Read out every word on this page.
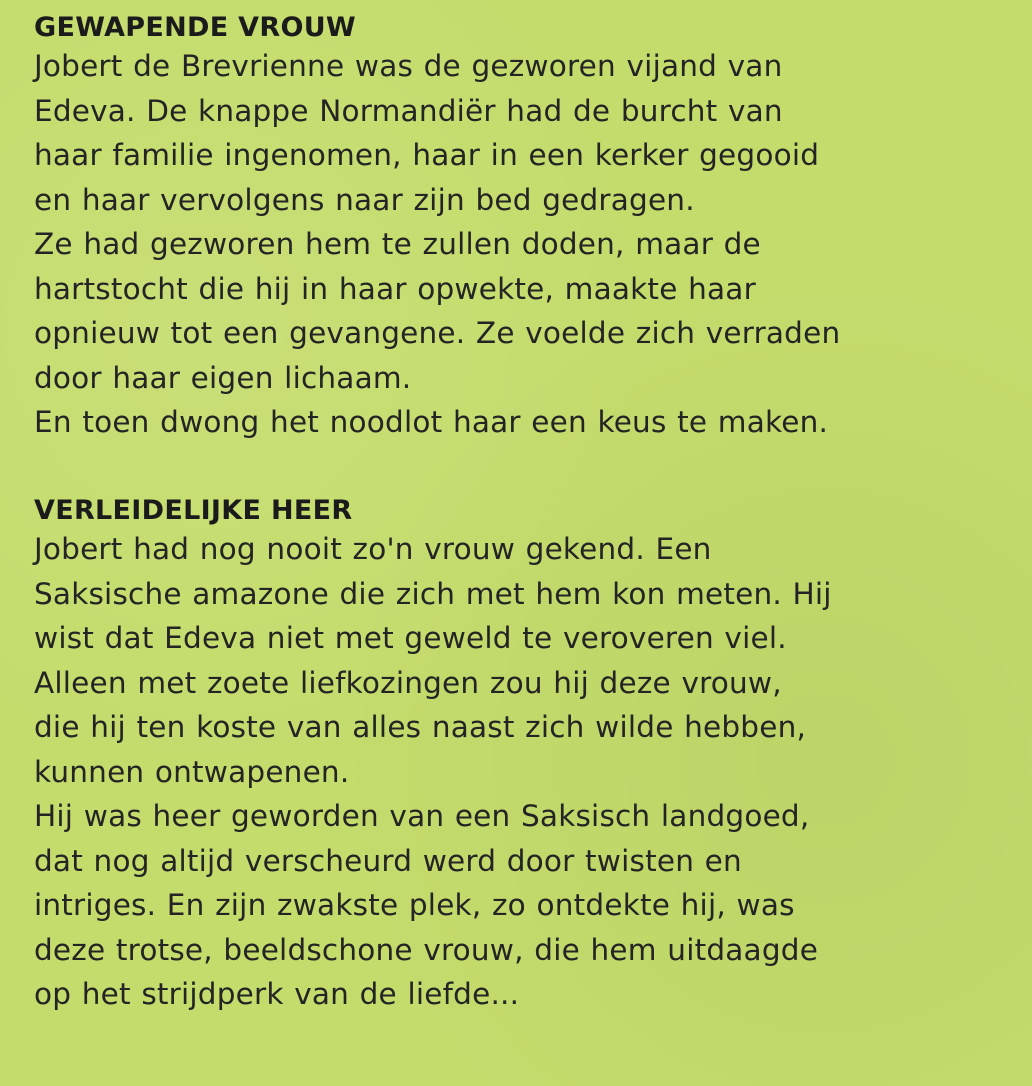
GEWAPENDE VROUW

Jobert de Brevrienne was de gezworen vijand van
Edeva. De knappe Normandiër had de burcht van
haar familie ingenomen, haar in een kerker gegooid
en haar vervolgens naar zijn bed gedragen.
Ze had gezworen hem te zullen doden, maar de
hartstocht die hij in haar opwekte, maakte haar
opnieuw tot een gevangene. Ze voelde zich verraden
door haar eigen lichaam.
En toen dwong het noodlot haar een keus te maken.

VERLEIDELIJKE HEER

Jobert had nog nooit zo'n vrouw gekend. Een
Saksische amazone die zich met hem kon meten. Hij
wist dat Edeva niet met geweld te veroveren viel.
Alleen met zoete liefkozingen zou hij deze vrouw,
die hij ten koste van alles naast zich wilde hebben,
kunnen ontwapenen.
Hij was heer geworden van een Saksisch landgoed,
dat nog altijd verscheurd werd door twisten en
intriges. En zijn zwakste plek, zo ontdekte hij, was
deze trotse, beeldschone vrouw, die hem uitdaagde
op het strijdperk van de liefde...
